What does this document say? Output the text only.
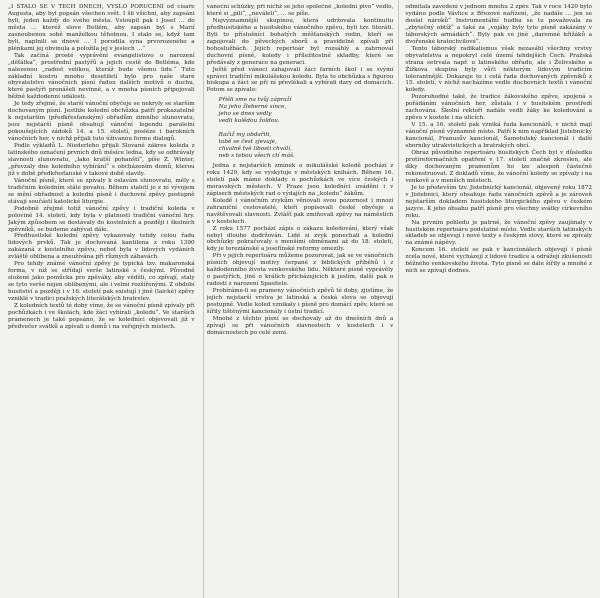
„I STALO SE V TĚCH DNECH, VYŠLO PORUČENÍ od císaře Augusta, aby byl popsán všechen svět. I šli všichni, aby zapsáni byli, jeden každý do svého města. Vstoupil pak i Josef … do města … kteréž slove Betlém, aby zapsán byl s Marií zasnoubenou sobě manželkou těhotnou. I stalo se, když tam byli, naplnili se dnové … I porodila syna prvorozeného a plénkami jej obvinula a položila jej v jeslech …“

Tak začíná prosté vyprávění evangelistovo o narození „děťátka“, prostřední pastýřů a jejich cestě do Betléma, kde nalezenou „radost velikou, kteráž bude všemu lidu.“ Tuto základní kostru mnoho desetiletí bylo pro naše staré obyvatelstvo vánočních písní řadou dalších motivů o duchu, které pastýři pronášeli nevinně, a v mnoha písních připojovali běžné každodenní události.

Je tedy zřejmé, že starší vánoční obyčeje se nekryly se starším dochovaným písní. Jestliže kolední obchůzka patří prokazatelně k nejstarším (předkřesťanským) obřadům zimního slunovratu, jsou nejstarší písně obsahují vánoční legendu paralelní pokoušejících zádoků 14. a 15. století, posléze i barokních vánočních her, v nichž přijali tuto úživanou formu dialogů.

Podle výkladů L. Niederleho přijali Slované zákres koleda z latinského označení prvních dnů měsíce ledna, kdy se odhrávaly slavnosti slunovratu, „lako kratší pohanští“, píše Z. Winter, „převzaly dne koledního vybírání“ s obcházením domů, kterou již v době předkřesťanské v takové době slavily.

Vánoční písně, které se zpívaly k oslavám slunovratu, měly s tradičním koledním stále povahu. Během staletí je z ní vývojem se mění obřadnost a kolední písně i duchovní zpěvy postupně stávají součástí katolické liturgie.

Podobně zřejmé totiž vánoční zpěvy i tradiční koleda v polovině 14. století, kdy byla v platnosti tradiční vánoční hry. Jakým způsobem se dostávaly do kostelních a později i školních zpěvníků, se budeme zabývat dále.

Předhusitské kolední zpěvy vykazovaly tehdy celou řadu lidových prvků. Tak je dochovaná kantilena z roku 1390 zakázaná z kostelního zpěvu, neboť byla v lidových vydáních zvláště oblíbena a zneužívána při různých zábavách.

Pro tehdy známé vánoční zpěvy je typická tzv. makaronská forma, v níž se střídají verše latinské s českými. Původně složené jako pomůcka pro zpěváky, aby věděli, co zpívají, staly se tyto verše nejen oblíbenými, ale i velmi rozšířenými. Z období husitství a později i v 16. století pak existují i jiné (laické) zpěvy vzniklé v tradici pražských literátských bratrstev.

Z koledních textů té doby víme, že se vánoční písně zpívaly při pochůzkách i ve školách, kde žáci vybírali „koledu“. Ve starších pramenech je také popsáno, že se koledníci objevovali již v předvečer svátků a zpívali u domů i na veřejných místech.

vánoční schůzky, při nichž se jeho společně „kolední pivo“ vedlo, které si „pili“, „neváleli“, … se píše.

Nejvýznamnější skupinou, která udržovala kontinuitu předhusitského a husitského vánočního zpěvu, byli tzv. literáti. Byli to příslušníci bohatých měšťanských rodin, kteří se zapojovali do pěveckých sborů a pravidelně zpívali při bohoslužbách. Jejich repertoár byl rozsáhlý a zahrnoval duchovní písně, koledy i příležitostné skladby, které se předávaly z generace na generaci.

Ještě před vánoci zahajovali žáci farních škol i se svými správci tradiční mikulášskou koledu. Byla to obchůzka s figurou biskupa a žáci se při ní převlékali a vybírali dary od domácích. Potom se zpívalo:

Přišli sme na tvůj zápraží
Na jeho žleberné sínce,
jeho se dnes vedly
vedli kolědou žoldou.

Račiž my obdařiti,
tobě se čest zjevuje,
chvalně tvé líbosti chválí,
neb s tebou všech ctí máš.

Jedna z nejstarších zmínek o mikulášské koledě pochází z roku 1429, kdy se vyskytuje v městských knihách. Během 16. století pak máme doklady o pochůzkách ve více českých i moravských městech. V Praze jsou koledníci uváděni i v zápisech městských rad o výdajích na „koledu“ žákům.

Koledě i vánočním zvykům věnovali svou pozornost i mnozí zahraniční cestovatelé, kteří popisovali české obyčeje a navštěvovali slavnosti. Zvlášť pak zmiňovali zpěvy na náměstích a v kostelech.

Z roku 1577 pochází zápis o zákazu koledování, který však nebyl dlouho dodržován. Lidé si zvyk ponechali a kolední obchůzky pokračovaly s menšími obměnami až do 18. století, kdy je tereziánské a josefínské reformy omezily.

Při v jejich repertoáru můžeme pozorovat, jak se ve vánočních písních objevují motivy čerpané z biblických příběhů i z každodenního života venkovského lidu. Některé písně vyprávěly o pastýřích, jiné o králích přicházejících k jeslím, další pak o radosti z narození Spasitele.

Probíráme-li se prameny vánočních zpěvů té doby, zjistíme, že jejich nejstarší vrstva je latinská a česká slova se objevují postupně. Vedle koled vznikaly i písně pro domácí zpěv, které se šířily tištěnými kancionály i ústní tradicí.

Mnohé z těchto písní se dochovaly až do dnešních dnů a zpívají se při vánočních slavnostech v kostelech i v domácnostech po celé zemi.

odmítala zavedení v jednom mnohu 2 zpěv. Tak v roce 1420 bylo vydáno podle Vávlice z Březové nařízení, „že nadále ... jen se doslat nároků“ Instrumentální hudba se tu považovala za „zbytečný obtíž“ a také za „vojáky byly tyto písně zakázány v táborských armádách“. Byly pak ve jiné „daremné křižáků a dvořenské kratochvilové“.

Tento táborský radikalismus však nezasáhl všechny vrstvy obyvatelstva a nepokryl celé území tehdejších Čech. Pražská strana setrvala např. u latinského obřadu, ale i Želivského a Žižkova skupina byly vůči některým lidovým tradicím tolerantnější. Dokazuje to i celá řada dochovaných zpěvníků z 15. století, v nichž nacházíme vedle duchovních textů i vánoční koledy.

Pozoruhodné také, že tradice žákovského zpěvu, spojená s pořádáním vánočních her, zůstala i v husitském prostředí zachována. Školní rektoři nadále vedli žáky ke koledování a zpěvu v kostele i na ulicích.

V 15. a 16. století pak vzniká řada kancionálů, v nichž mají vánoční písně významné místo. Patří k nim například Jistebnický kancionál, Franusův kancionál, Šamotulský kancionál i další sborníky utrakvistických a bratrských obcí.

Obraz původního repertoáru husitských Čech byl v důsledku protireformačních opatření v 17. století značně zkreslen, ale díky dochovaným pramenům ho lze alespoň částečně rekonstruovat. Z dokladů víme, že vánoční koledy se zpívaly i na venkově a v menších městech.

Je to především tzv. Jistebnický kancionál, objevený roku 1872 v Jistebnici, který obsahuje řadu vánočních zpěvů a je zároveň nejstarším dokladem husitského liturgického zpěvu v českém jazyce. K jeho obsahu patří písně pro všechny svátky církevního roku.

Na prvním pohledu je patrné, že vánoční zpěvy zaujímaly v husitském repertoáru podstatné místo. Vedle starších latinských skladeb se objevují i nové texty s českými slovy, které se zpívaly na známé nápěvy.

Koncem 16. století se pak v kancionálech objevují i písně zcela nové, které vycházejí z lidové tradice a odrážejí zkušenosti běžného venkovského života. Tyto písně se dále šířily a mnohé z nich se zpívají dodnes.
